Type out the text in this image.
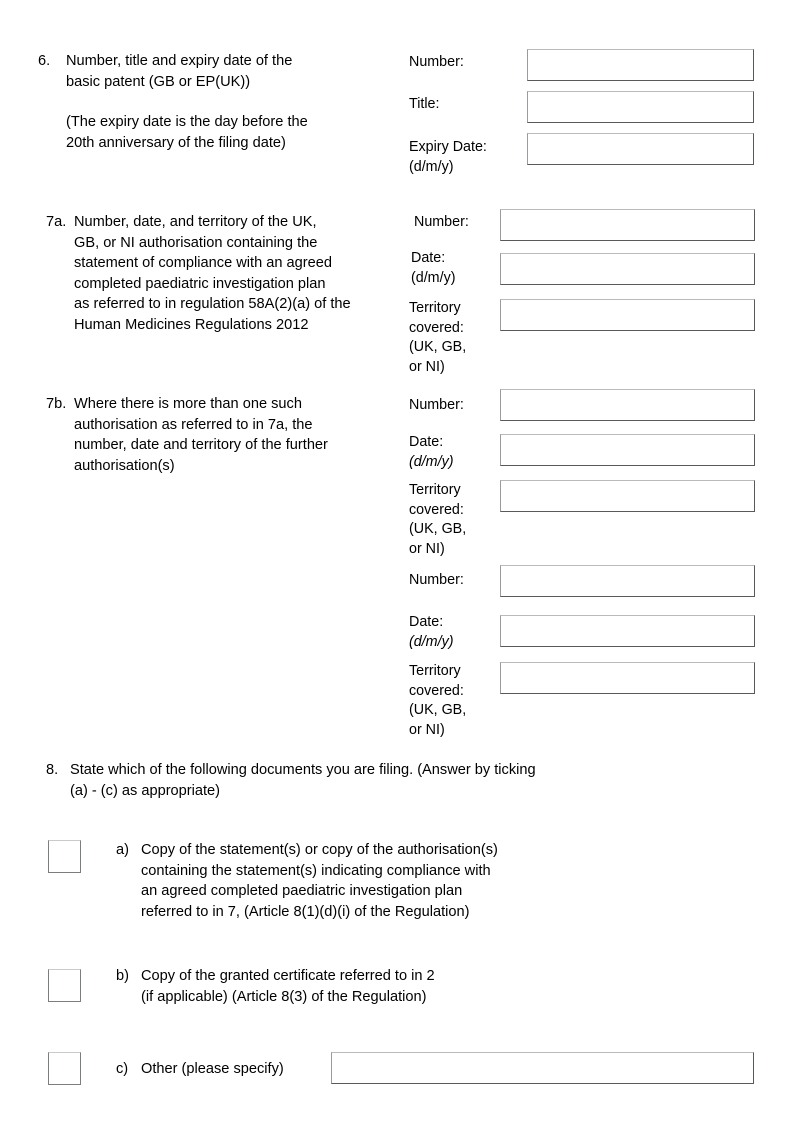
6. Number, title and expiry date of the

basic patent (GB or EP(UK))

(The expiry date is the day before the

20th anniversary of the filing date)

Number:
Title:
Expiry Date:
(d/m/y)
7a. Number, date, and territory of the UK,

GB, or NI authorisation containing the

statement of compliance with an agreed

completed paediatric investigation plan

as referred to in regulation 58A(2)(a) of the

Human Medicines Regulations 2012

Number:
Date:
(d/m/y)
Territory
covered:
(UK, GB,
or NI)
7b. Where there is more than one such

authorisation as referred to in 7a, the

number, date and territory of the further

authorisation(s)

Number:
Date:
(d/m/y)
Territory
covered:
(UK, GB,
or NI)
Number:
Date:
(d/m/y)
Territory
covered:
(UK, GB,
or NI)
8. State which of the following documents you are filing. (Answer by ticking

(a) - (c) as appropriate)

a) Copy of the statement(s) or copy of the authorisation(s)

containing the statement(s) indicating compliance with

an agreed completed paediatric investigation plan

referred to in 7, (Article 8(1)(d)(i) of the Regulation)

b) Copy of the granted certificate referred to in 2

(if applicable) (Article 8(3) of the Regulation)

c) Other (please specify)
